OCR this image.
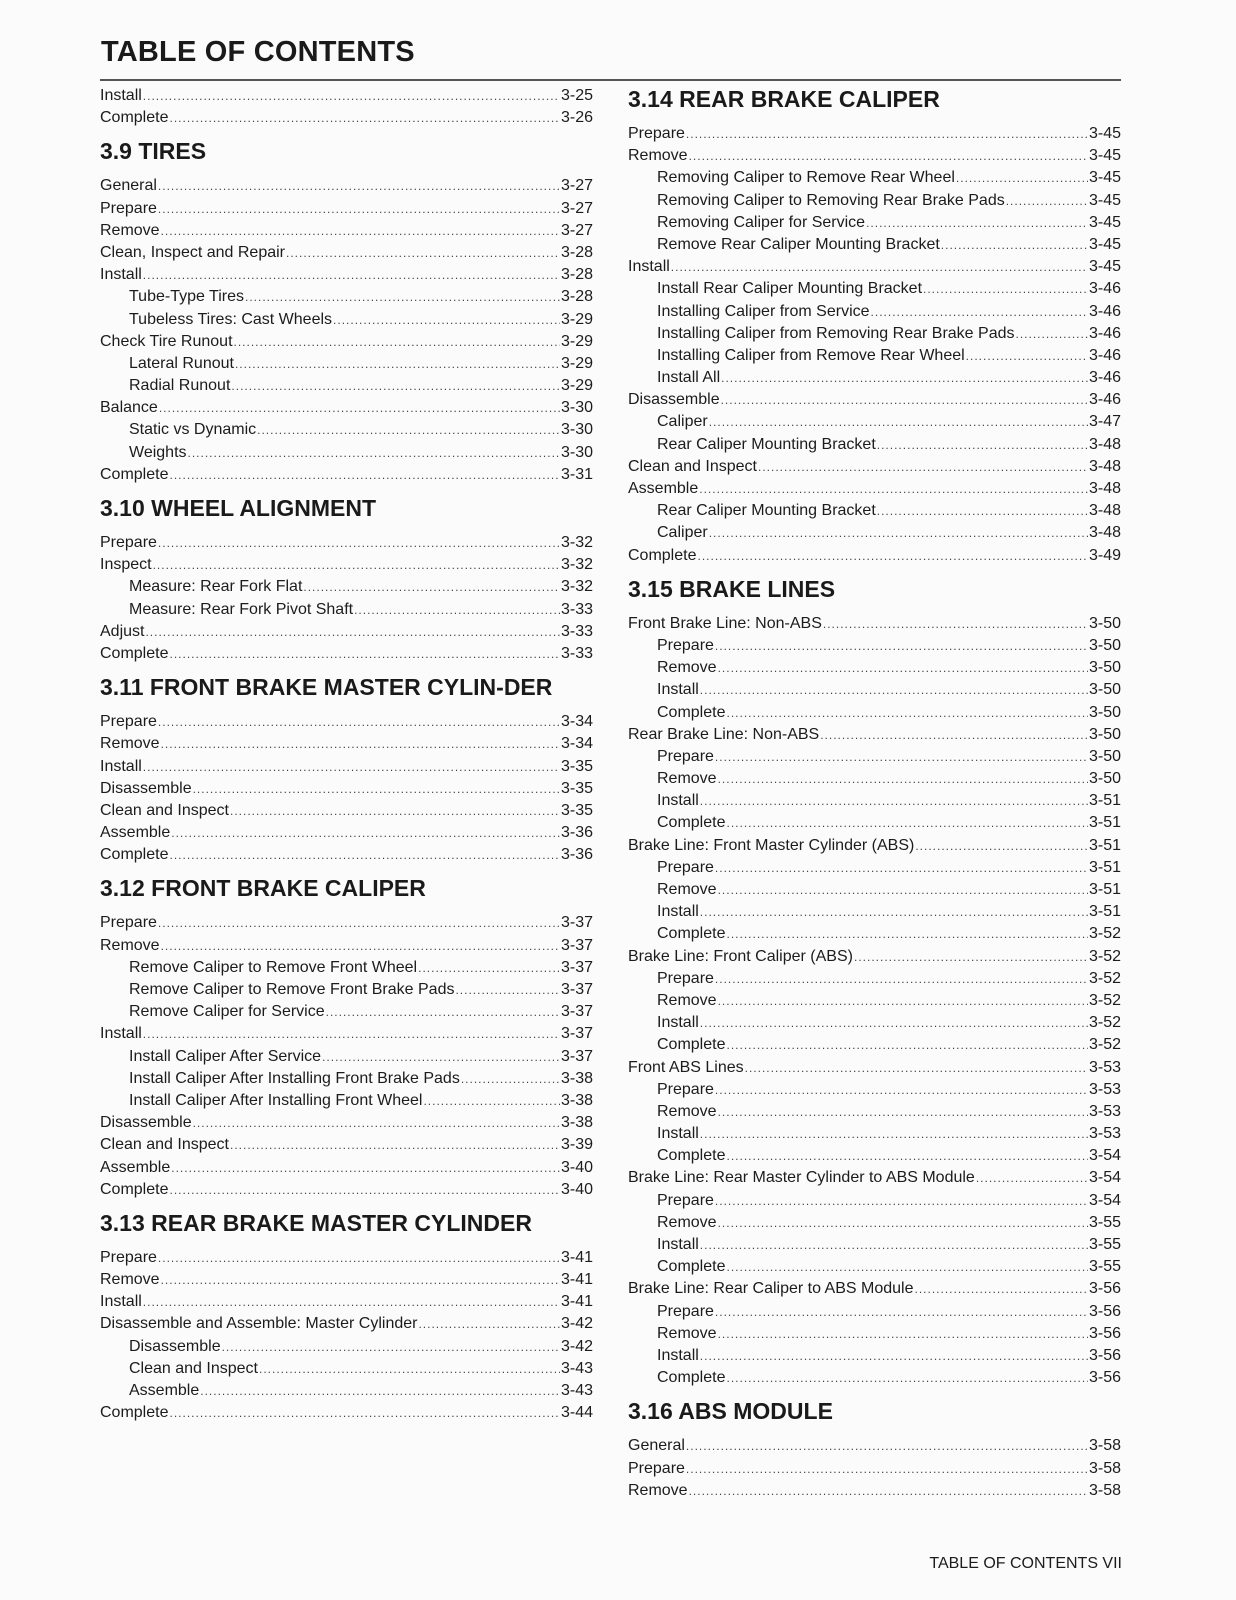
TABLE OF CONTENTS
Install .....	3-25
Complete .....	3-26
3.9 TIRES
General .....	3-27
Prepare .....	3-27
Remove .....	3-27
Clean, Inspect and Repair .....	3-28
Install .....	3-28
Tube-Type Tires .....	3-28
Tubeless Tires: Cast Wheels .....	3-29
Check Tire Runout .....	3-29
Lateral Runout .....	3-29
Radial Runout .....	3-29
Balance .....	3-30
Static vs Dynamic .....	3-30
Weights .....	3-30
Complete .....	3-31
3.10 WHEEL ALIGNMENT
Prepare .....	3-32
Inspect .....	3-32
Measure: Rear Fork Flat .....	3-32
Measure: Rear Fork Pivot Shaft .....	3-33
Adjust .....	3-33
Complete .....	3-33
3.11 FRONT BRAKE MASTER CYLIN-DER
Prepare .....	3-34
Remove .....	3-34
Install .....	3-35
Disassemble .....	3-35
Clean and Inspect .....	3-35
Assemble .....	3-36
Complete .....	3-36
3.12 FRONT BRAKE CALIPER
Prepare .....	3-37
Remove .....	3-37
Remove Caliper to Remove Front Wheel .....	3-37
Remove Caliper to Remove Front Brake Pads .....	3-37
Remove Caliper for Service .....	3-37
Install .....	3-37
Install Caliper After Service .....	3-37
Install Caliper After Installing Front Brake Pads .....	3-38
Install Caliper After Installing Front Wheel .....	3-38
Disassemble .....	3-38
Clean and Inspect .....	3-39
Assemble .....	3-40
Complete .....	3-40
3.13 REAR BRAKE MASTER CYLINDER
Prepare .....	3-41
Remove .....	3-41
Install .....	3-41
Disassemble and Assemble: Master Cylinder .....	3-42
Disassemble .....	3-42
Clean and Inspect .....	3-43
Assemble .....	3-43
Complete .....	3-44
3.14 REAR BRAKE CALIPER
Prepare .....	3-45
Remove .....	3-45
Removing Caliper to Remove Rear Wheel .....	3-45
Removing Caliper to Removing Rear Brake Pads .....	3-45
Removing Caliper for Service .....	3-45
Remove Rear Caliper Mounting Bracket .....	3-45
Install .....	3-45
Install Rear Caliper Mounting Bracket .....	3-46
Installing Caliper from Service .....	3-46
Installing Caliper from Removing Rear Brake Pads .....	3-46
Installing Caliper from Remove Rear Wheel .....	3-46
Install All .....	3-46
Disassemble .....	3-46
Caliper .....	3-47
Rear Caliper Mounting Bracket .....	3-48
Clean and Inspect .....	3-48
Assemble .....	3-48
Rear Caliper Mounting Bracket .....	3-48
Caliper .....	3-48
Complete .....	3-49
3.15 BRAKE LINES
Front Brake Line: Non-ABS .....	3-50
Prepare .....	3-50
Remove .....	3-50
Install .....	3-50
Complete .....	3-50
Rear Brake Line: Non-ABS .....	3-50
Prepare .....	3-50
Remove .....	3-50
Install .....	3-51
Complete .....	3-51
Brake Line: Front Master Cylinder (ABS) .....	3-51
Prepare .....	3-51
Remove .....	3-51
Install .....	3-51
Complete .....	3-52
Brake Line: Front Caliper (ABS) .....	3-52
Prepare .....	3-52
Remove .....	3-52
Install .....	3-52
Complete .....	3-52
Front ABS Lines .....	3-53
Prepare .....	3-53
Remove .....	3-53
Install .....	3-53
Complete .....	3-54
Brake Line: Rear Master Cylinder to ABS Module .....	3-54
Prepare .....	3-54
Remove .....	3-55
Install .....	3-55
Complete .....	3-55
Brake Line: Rear Caliper to ABS Module .....	3-56
Prepare .....	3-56
Remove .....	3-56
Install .....	3-56
Complete .....	3-56
3.16 ABS MODULE
General .....	3-58
Prepare .....	3-58
Remove .....	3-58
TABLE OF CONTENTS VII
